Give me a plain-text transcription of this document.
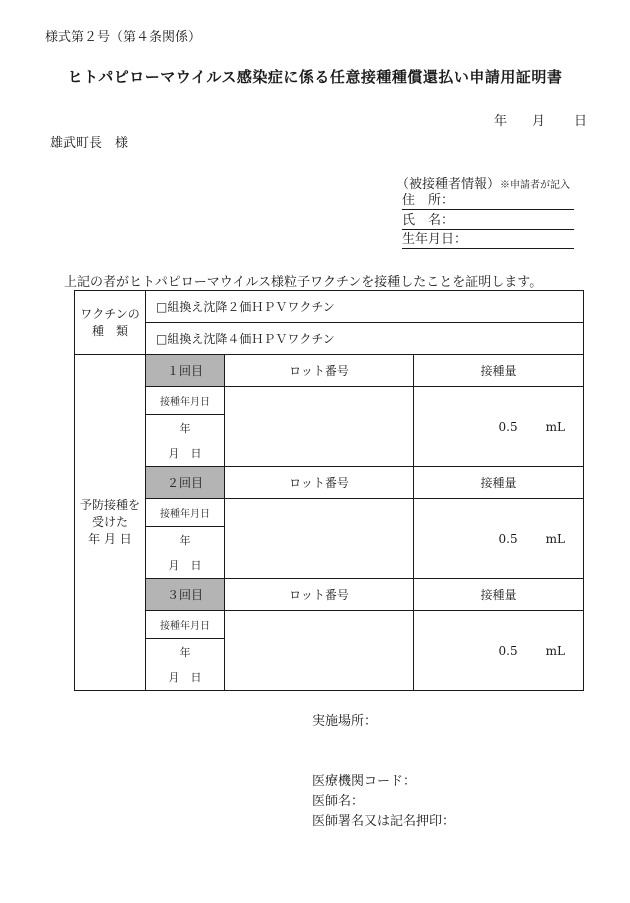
様式第２号（第４条関係）
ヒトパピローマウイルス感染症に係る任意接種種償還払い申請用証明書
年 月 日
雄武町長　様
（被接種者情報）※申請者が記入
住　所：
氏　名：
生年月日：
上記の者がヒトパピローマウイルス様粒子ワクチンを接種したことを証明します。
ワクチンの
種　類	□組換え沈降２価ＨＰＶワクチン		
	□組換え沈降４価ＨＰＶワクチン		

予防接種を
受けた
年 月 日	１回目	ロット番号	接種量
	接種年月日		0.5 mL
	年		
	月　日		
	２回目	ロット番号	接種量
	接種年月日		0.5 mL
	年		
	月　日		
	３回目	ロット番号	接種量
	接種年月日		0.5 mL
	年		
	月　日		
実施場所：
医療機関コード：
医師名：
医師署名又は記名押印：
